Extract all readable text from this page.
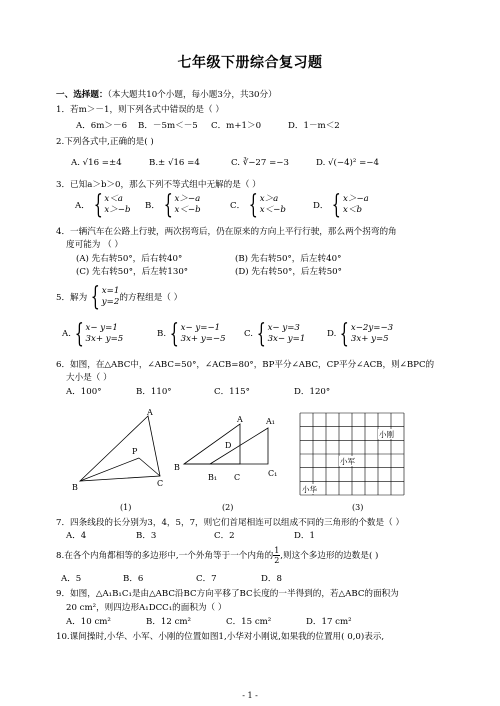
七年级下册综合复习题
一、选择题：（本大题共10个小题，每小题3分，共30分）
1．若m＞－1，则下列各式中错误的是（ ）
A．6m＞－6 B．－5m＜－5 C．m+1＞0	D．1－m＜2
2.下列各式中,正确的是( )
A. √16 =±4	B.± √16 =4	C. ∛−27 =−3	D. √(−4)² =−4
3．已知a＞b＞0，那么下列不等式组中无解的是（ ）
A． { x＜a
x＞−b B． { x＞−a
x＜−b	C． { x＞a
x＜−b	D． { x＞−a
x＜b
4．一辆汽车在公路上行驶，两次拐弯后，仍在原来的方向上平行行驶，那么两个拐弯的角
度可能为 （ ）
(A) 先右转50°，后右转40°	(B) 先右转50°，后左转40°
(C) 先右转50°，后左转130°	(D) 先右转50°，后左转50°
5．解为 { x=1
y=2的方程组是（ ）
A. { x− y=1
3x+ y=5	B. { x− y=−1
3x+ y=−5 C. { x− y=3
3x− y=1	D. { x−2y=−3
3x+ y=5
6．如图，在△ABC中，∠ABC=50°，∠ACB=80°，BP平分∠ABC，CP平分∠ACB，则∠BPC的
大小是（ ）
A．100°	B．110°	C．115°	D．120°
A
B	C
P
A	A₁
D
B
B₁ C	C₁
小刚
小军
小华
(1)	(2)	(3)
7．四条线段的长分别为3，4，5，7，则它们首尾相连可以组成不同的三角形的个数是（ ）
A．4	B．3	C．2	D．1
8.在各个内角都相等的多边形中,一个外角等于一个内角的 $\frac{1}{2}$ ,则这个多边形的边数是( )
A．5	B．6	C．7	D．8
9．如图，△A₁B₁C₁是由△ABC沿BC方向平移了BC长度的一半得到的，若△ABC的面积为
20 cm²，则四边形A₁DCC₁的面积为（ ）
A．10 cm²	B．12 cm²	C．15 cm²	D．17 cm²
10.课间操时,小华、小军、小刚的位置如图1,小华对小刚说,如果我的位置用( 0,0)表示,
- 1 -
